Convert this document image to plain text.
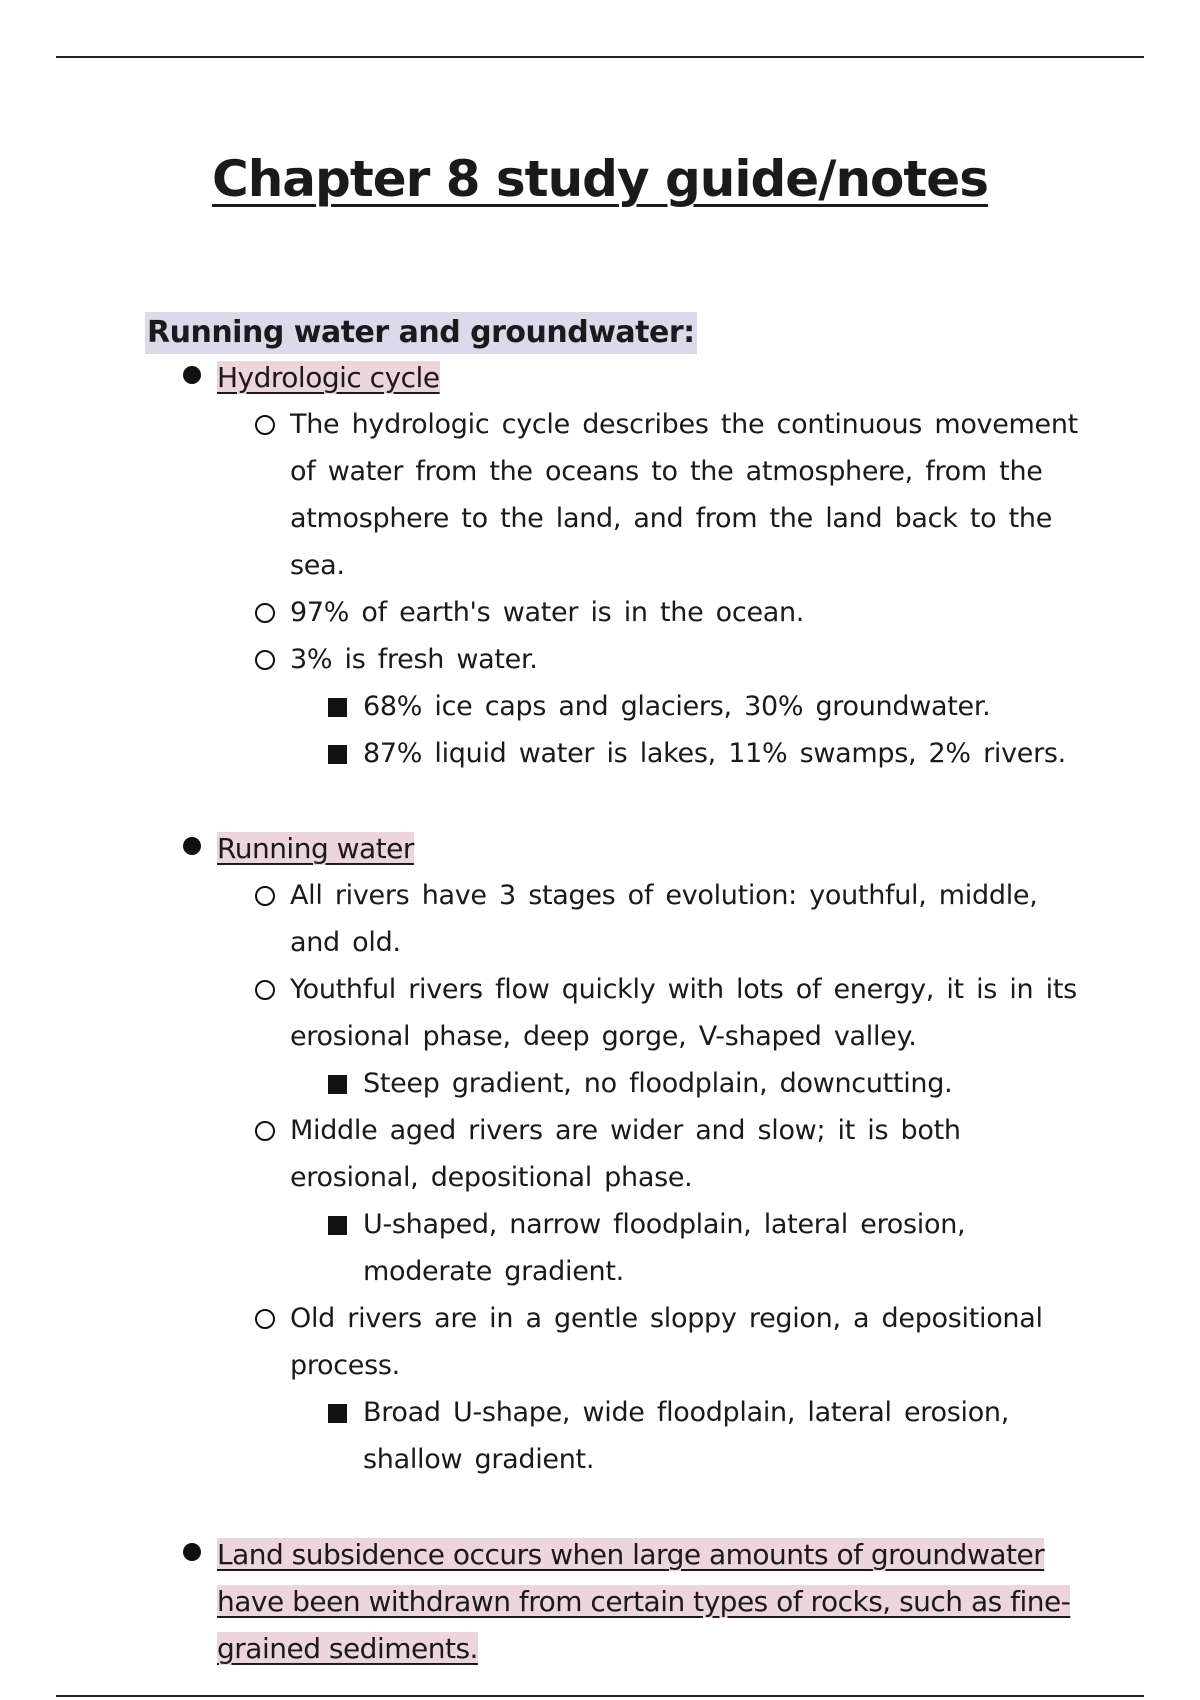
Chapter 8 study guide/notes
Running water and groundwater:
Hydrologic cycle
The hydrologic cycle describes the continuous movement of water from the oceans to the atmosphere, from the atmosphere to the land, and from the land back to the sea.
97% of earth's water is in the ocean.
3% is fresh water.
68% ice caps and glaciers, 30% groundwater.
87% liquid water is lakes, 11% swamps, 2% rivers.
Running water
All rivers have 3 stages of evolution: youthful, middle, and old.
Youthful rivers flow quickly with lots of energy, it is in its erosional phase, deep gorge, V-shaped valley.
Steep gradient, no floodplain, downcutting.
Middle aged rivers are wider and slow; it is both erosional, depositional phase.
U-shaped, narrow floodplain, lateral erosion, moderate gradient.
Old rivers are in a gentle sloppy region, a depositional process.
Broad U-shape, wide floodplain, lateral erosion, shallow gradient.
Land subsidence occurs when large amounts of groundwater have been withdrawn from certain types of rocks, such as fine-grained sediments.
